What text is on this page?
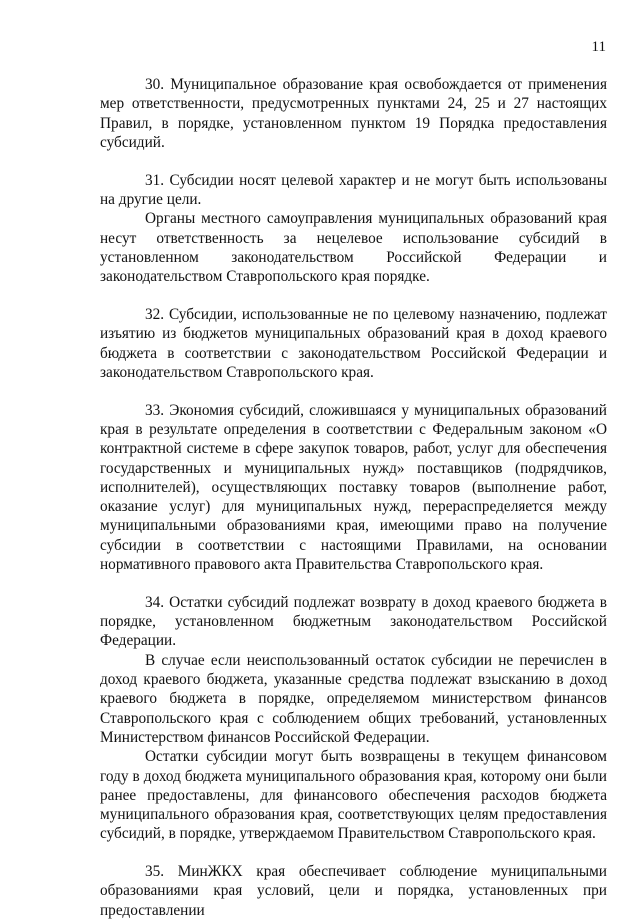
11

30. Муниципальное образование края освобождается от применения мер ответственности, предусмотренных пунктами 24, 25 и 27 настоящих Правил, в порядке, установленном пунктом 19 Порядка предоставления субсидий.

31. Субсидии носят целевой характер и не могут быть использованы на другие цели.

Органы местного самоуправления муниципальных образований края несут ответственность за нецелевое использование субсидий в установленном законодательством Российской Федерации и законодательством Ставропольского края порядке.

32. Субсидии, использованные не по целевому назначению, подлежат изъятию из бюджетов муниципальных образований края в доход краевого бюджета в соответствии с законодательством Российской Федерации и законодательством Ставропольского края.

33. Экономия субсидий, сложившаяся у муниципальных образований края в результате определения в соответствии с Федеральным законом «О контрактной системе в сфере закупок товаров, работ, услуг для обеспечения государственных и муниципальных нужд» поставщиков (подрядчиков, исполнителей), осуществляющих поставку товаров (выполнение работ, оказание услуг) для муниципальных нужд, перераспределяется между муниципальными образованиями края, имеющими право на получение субсидии в соответствии с настоящими Правилами, на основании нормативного правового акта Правительства Ставропольского края.

34. Остатки субсидий подлежат возврату в доход краевого бюджета в порядке, установленном бюджетным законодательством Российской Федерации.

В случае если неиспользованный остаток субсидии не перечислен в доход краевого бюджета, указанные средства подлежат взысканию в доход краевого бюджета в порядке, определяемом министерством финансов Ставропольского края с соблюдением общих требований, установленных Министерством финансов Российской Федерации.

Остатки субсидии могут быть возвращены в текущем финансовом году в доход бюджета муниципального образования края, которому они были ранее предоставлены, для финансового обеспечения расходов бюджета муниципального образования края, соответствующих целям предоставления субсидий, в порядке, утверждаемом Правительством Ставропольского края.

35. МинЖКХ края обеспечивает соблюдение муниципальными образованиями края условий, цели и порядка, установленных при предоставлении
